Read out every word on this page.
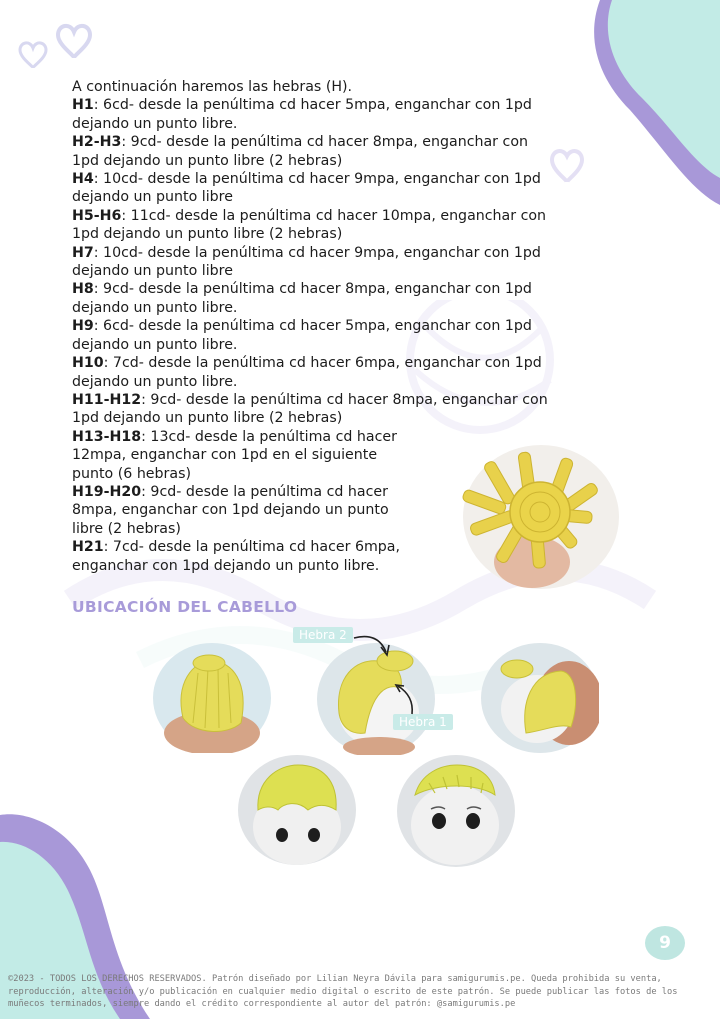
A continuación haremos las hebras (H).

H1: 6cd- desde la penúltima cd hacer 5mpa, enganchar con 1pd dejando un punto libre.

H2-H3: 9cd- desde la penúltima cd hacer 8mpa, enganchar con 1pd dejando un punto libre (2 hebras)

H4: 10cd- desde la penúltima cd hacer 9mpa, enganchar con 1pd dejando un punto libre

H5-H6: 11cd- desde la penúltima cd hacer 10mpa, enganchar con 1pd dejando un punto libre (2 hebras)

H7: 10cd- desde la penúltima cd hacer 9mpa, enganchar con 1pd dejando un punto libre

H8: 9cd- desde la penúltima cd hacer 8mpa, enganchar con 1pd dejando un punto libre.

H9: 6cd- desde la penúltima cd hacer 5mpa, enganchar con 1pd dejando un punto libre.

H10: 7cd- desde la penúltima cd hacer 6mpa, enganchar con 1pd dejando un punto libre.

H11-H12: 9cd- desde la penúltima cd hacer 8mpa, enganchar con 1pd dejando un punto libre (2 hebras)

H13-H18: 13cd- desde la penúltima cd hacer 12mpa, enganchar con 1pd en el siguiente punto (6 hebras)

H19-H20: 9cd- desde la penúltima cd hacer 8mpa, enganchar con 1pd dejando un punto libre (2 hebras)

H21: 7cd- desde la penúltima cd hacer 6mpa, enganchar con 1pd dejando un punto libre.

UBICACIÓN DEL CABELLO
Hebra 2
Hebra 1
9
©2023 - TODOS LOS DERECHOS RESERVADOS. Patrón diseñado por Lilian Neyra Dávila para samigurumis.pe. Queda prohibida su venta, reproducción, alteración y/o publicación en cualquier medio digital o escrito de este patrón. Se puede publicar las fotos de los muñecos terminados, siempre dando el crédito correspondiente al autor del patrón: @samigurumis.pe
